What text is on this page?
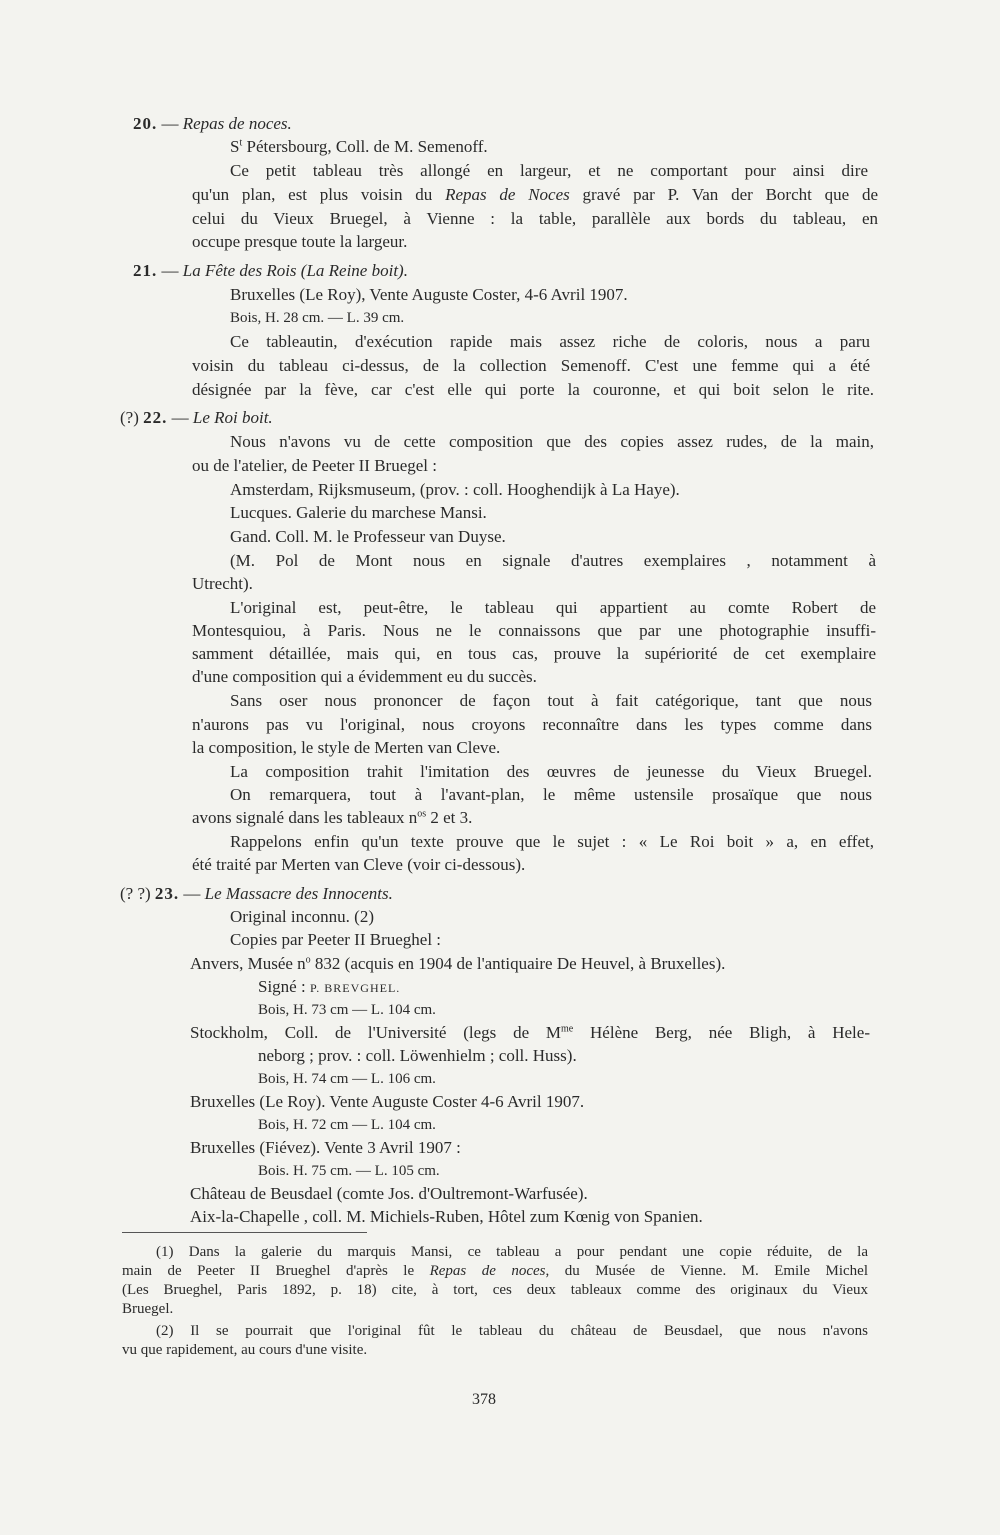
20. — Repas de noces.
$S^t$ Pétersbourg, Coll. de M. Semenoff.
Ce petit tableau très allongé en largeur, et ne comportant pour ainsi dire
qu'un plan, est plus voisin du Repas de Noces gravé par P. Van der Borcht que de
celui du Vieux Bruegel, à Vienne : la table, parallèle aux bords du tableau, en
occupe presque toute la largeur.
21. — La Fête des Rois (La Reine boit).
Bruxelles (Le Roy), Vente Auguste Coster, 4-6 Avril 1907.
Bois, H. 28 cm. — L. 39 cm.
Ce tableautin, d'exécution rapide mais assez riche de coloris, nous a paru
voisin du tableau ci-dessus, de la collection Semenoff. C'est une femme qui a été
désignée par la fève, car c'est elle qui porte la couronne, et qui boit selon le rite.
(?) 22. — Le Roi boit.
Nous n'avons vu de cette composition que des copies assez rudes, de la main,
ou de l'atelier, de Peeter II Bruegel :
Amsterdam, Rijksmuseum, (prov. : coll. Hooghendijk à La Haye).
Lucques. Galerie du marchese Mansi.
Gand. Coll. M. le Professeur van Duyse.
(M. Pol de Mont nous en signale d'autres exemplaires , notamment à
Utrecht).
L'original est, peut-être, le tableau qui appartient au comte Robert de
Montesquiou, à Paris. Nous ne le connaissons que par une photographie insuffi-
samment détaillée, mais qui, en tous cas, prouve la supériorité de cet exemplaire
d'une composition qui a évidemment eu du succès.
Sans oser nous prononcer de façon tout à fait catégorique, tant que nous
n'aurons pas vu l'original, nous croyons reconnaître dans les types comme dans
la composition, le style de Merten van Cleve.
La composition trahit l'imitation des œuvres de jeunesse du Vieux Bruegel.
On remarquera, tout à l'avant-plan, le même ustensile prosaïque que nous
avons signalé dans les tableaux $n^{os}$ 2 et 3.
Rappelons enfin qu'un texte prouve que le sujet : « Le Roi boit » a, en effet,
été traité par Merten van Cleve (voir ci-dessous).
(? ?) 23. — Le Massacre des Innocents.
Original inconnu. (2)
Copies par Peeter II Brueghel :
Anvers, Musée $n^o$ 832 (acquis en 1904 de l'antiquaire De Heuvel, à Bruxelles).
Signé : P. BREVGHEL.
Bois, H. 73 cm — L. 104 cm.
Stockholm, Coll. de l'Université (legs de $M^{me}$ Hélène Berg, née Bligh, à Hele-
neborg ; prov. : coll. Löwenhielm ; coll. Huss).
Bois, H. 74 cm — L. 106 cm.
Bruxelles (Le Roy). Vente Auguste Coster 4-6 Avril 1907.
Bois, H. 72 cm — L. 104 cm.
Bruxelles (Fiévez). Vente 3 Avril 1907 :
Bois. H. 75 cm. — L. 105 cm.
Château de Beusdael (comte Jos. d'Oultremont-Warfusée).
Aix-la-Chapelle , coll. M. Michiels-Ruben, Hôtel zum Kœnig von Spanien.
(1) Dans la galerie du marquis Mansi, ce tableau a pour pendant une copie réduite, de la
main de Peeter II Brueghel d'après le Repas de noces, du Musée de Vienne. M. Emile Michel
(Les Brueghel, Paris 1892, p. 18) cite, à tort, ces deux tableaux comme des originaux du Vieux
Bruegel.
(2) Il se pourrait que l'original fût le tableau du château de Beusdael, que nous n'avons
vu que rapidement, au cours d'une visite.
378
